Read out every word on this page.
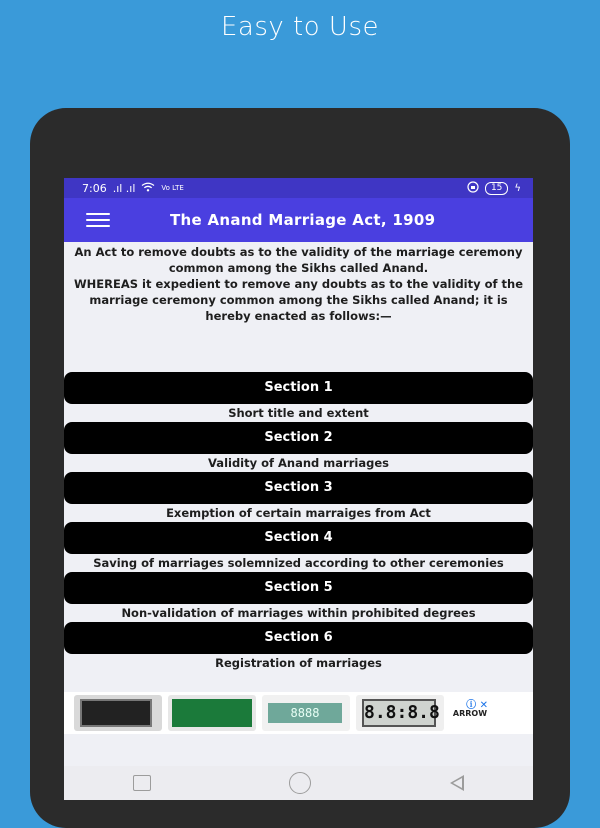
Easy to Use
7:06 .ıl .ıl	Vo LTE	15	ϟ
The Anand Marriage Act, 1909

An Act to remove doubts as to the validity of the marriage ceremony common among the Sikhs called Anand.

WHEREAS it expedient to remove any doubts as to the validity of the marriage ceremony common among the Sikhs called Anand; it is hereby enacted as follows:—

Section 1
Short title and extent
Section 2
Validity of Anand marriages
Section 3
Exemption of certain marraiges from Act
Section 4
Saving of marriages solemnized according to other ceremonies
Section 5
Non-validation of marriages within prohibited degrees
Section 6
Registration of marriages
8888	8.8:8.8 ARROW
ⓘ ✕
